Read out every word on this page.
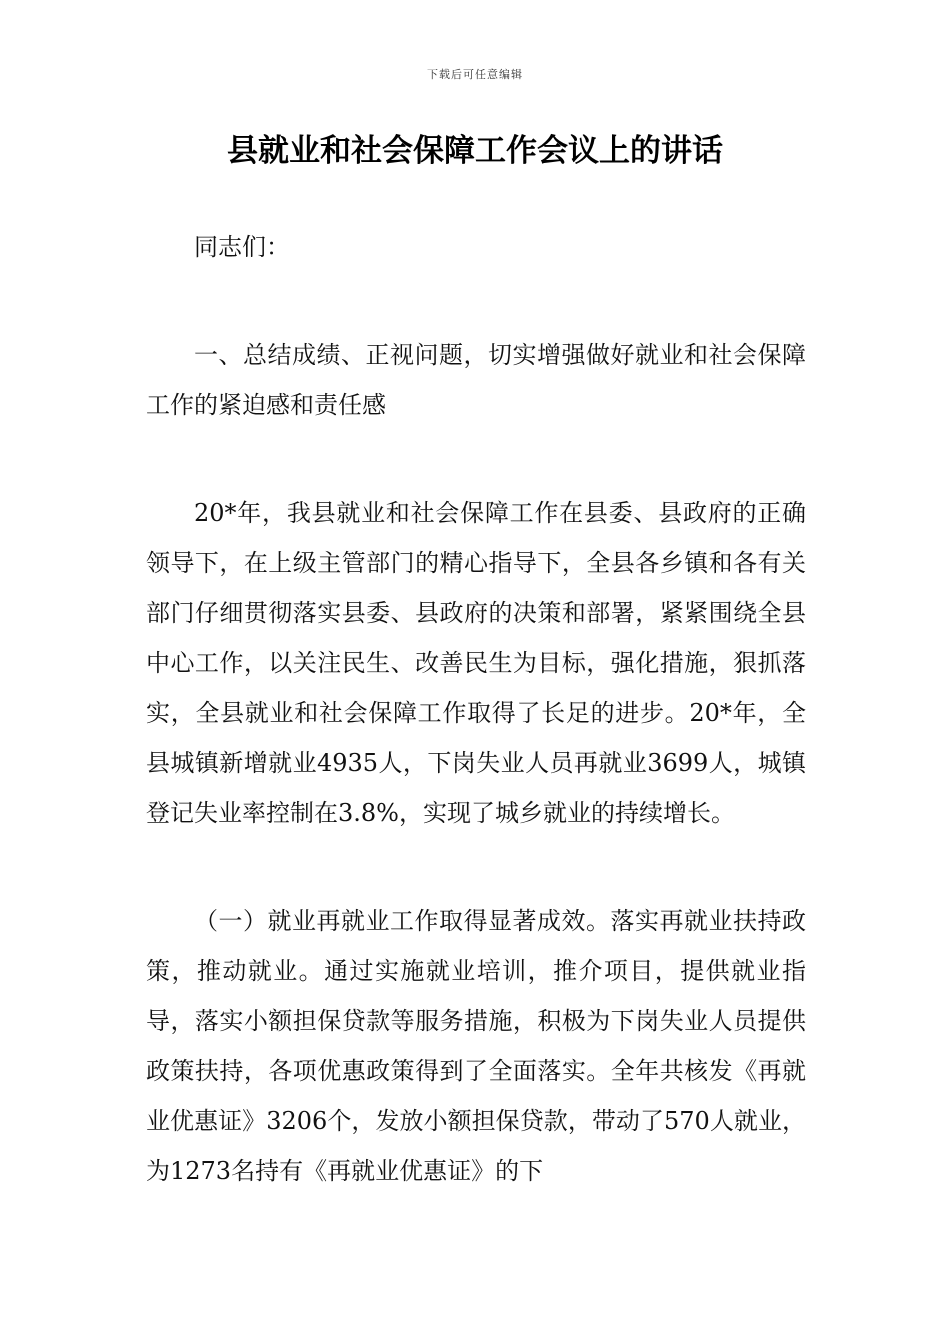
下载后可任意编辑
县就业和社会保障工作会议上的讲话

同志们：

一、总结成绩、正视问题，切实增强做好就业和社会保障工作的紧迫感和责任感

20*年，我县就业和社会保障工作在县委、县政府的正确领导下，在上级主管部门的精心指导下，全县各乡镇和各有关部门仔细贯彻落实县委、县政府的决策和部署，紧紧围绕全县中心工作，以关注民生、改善民生为目标，强化措施，狠抓落实，全县就业和社会保障工作取得了长足的进步。20*年，全县城镇新增就业4935人，下岗失业人员再就业3699人，城镇登记失业率控制在3.8%，实现了城乡就业的持续增长。

（一）就业再就业工作取得显著成效。落实再就业扶持政策，推动就业。通过实施就业培训，推介项目，提供就业指导，落实小额担保贷款等服务措施，积极为下岗失业人员提供政策扶持，各项优惠政策得到了全面落实。全年共核发《再就业优惠证》3206个，发放小额担保贷款，带动了570人就业，为1273名持有《再就业优惠证》的下
